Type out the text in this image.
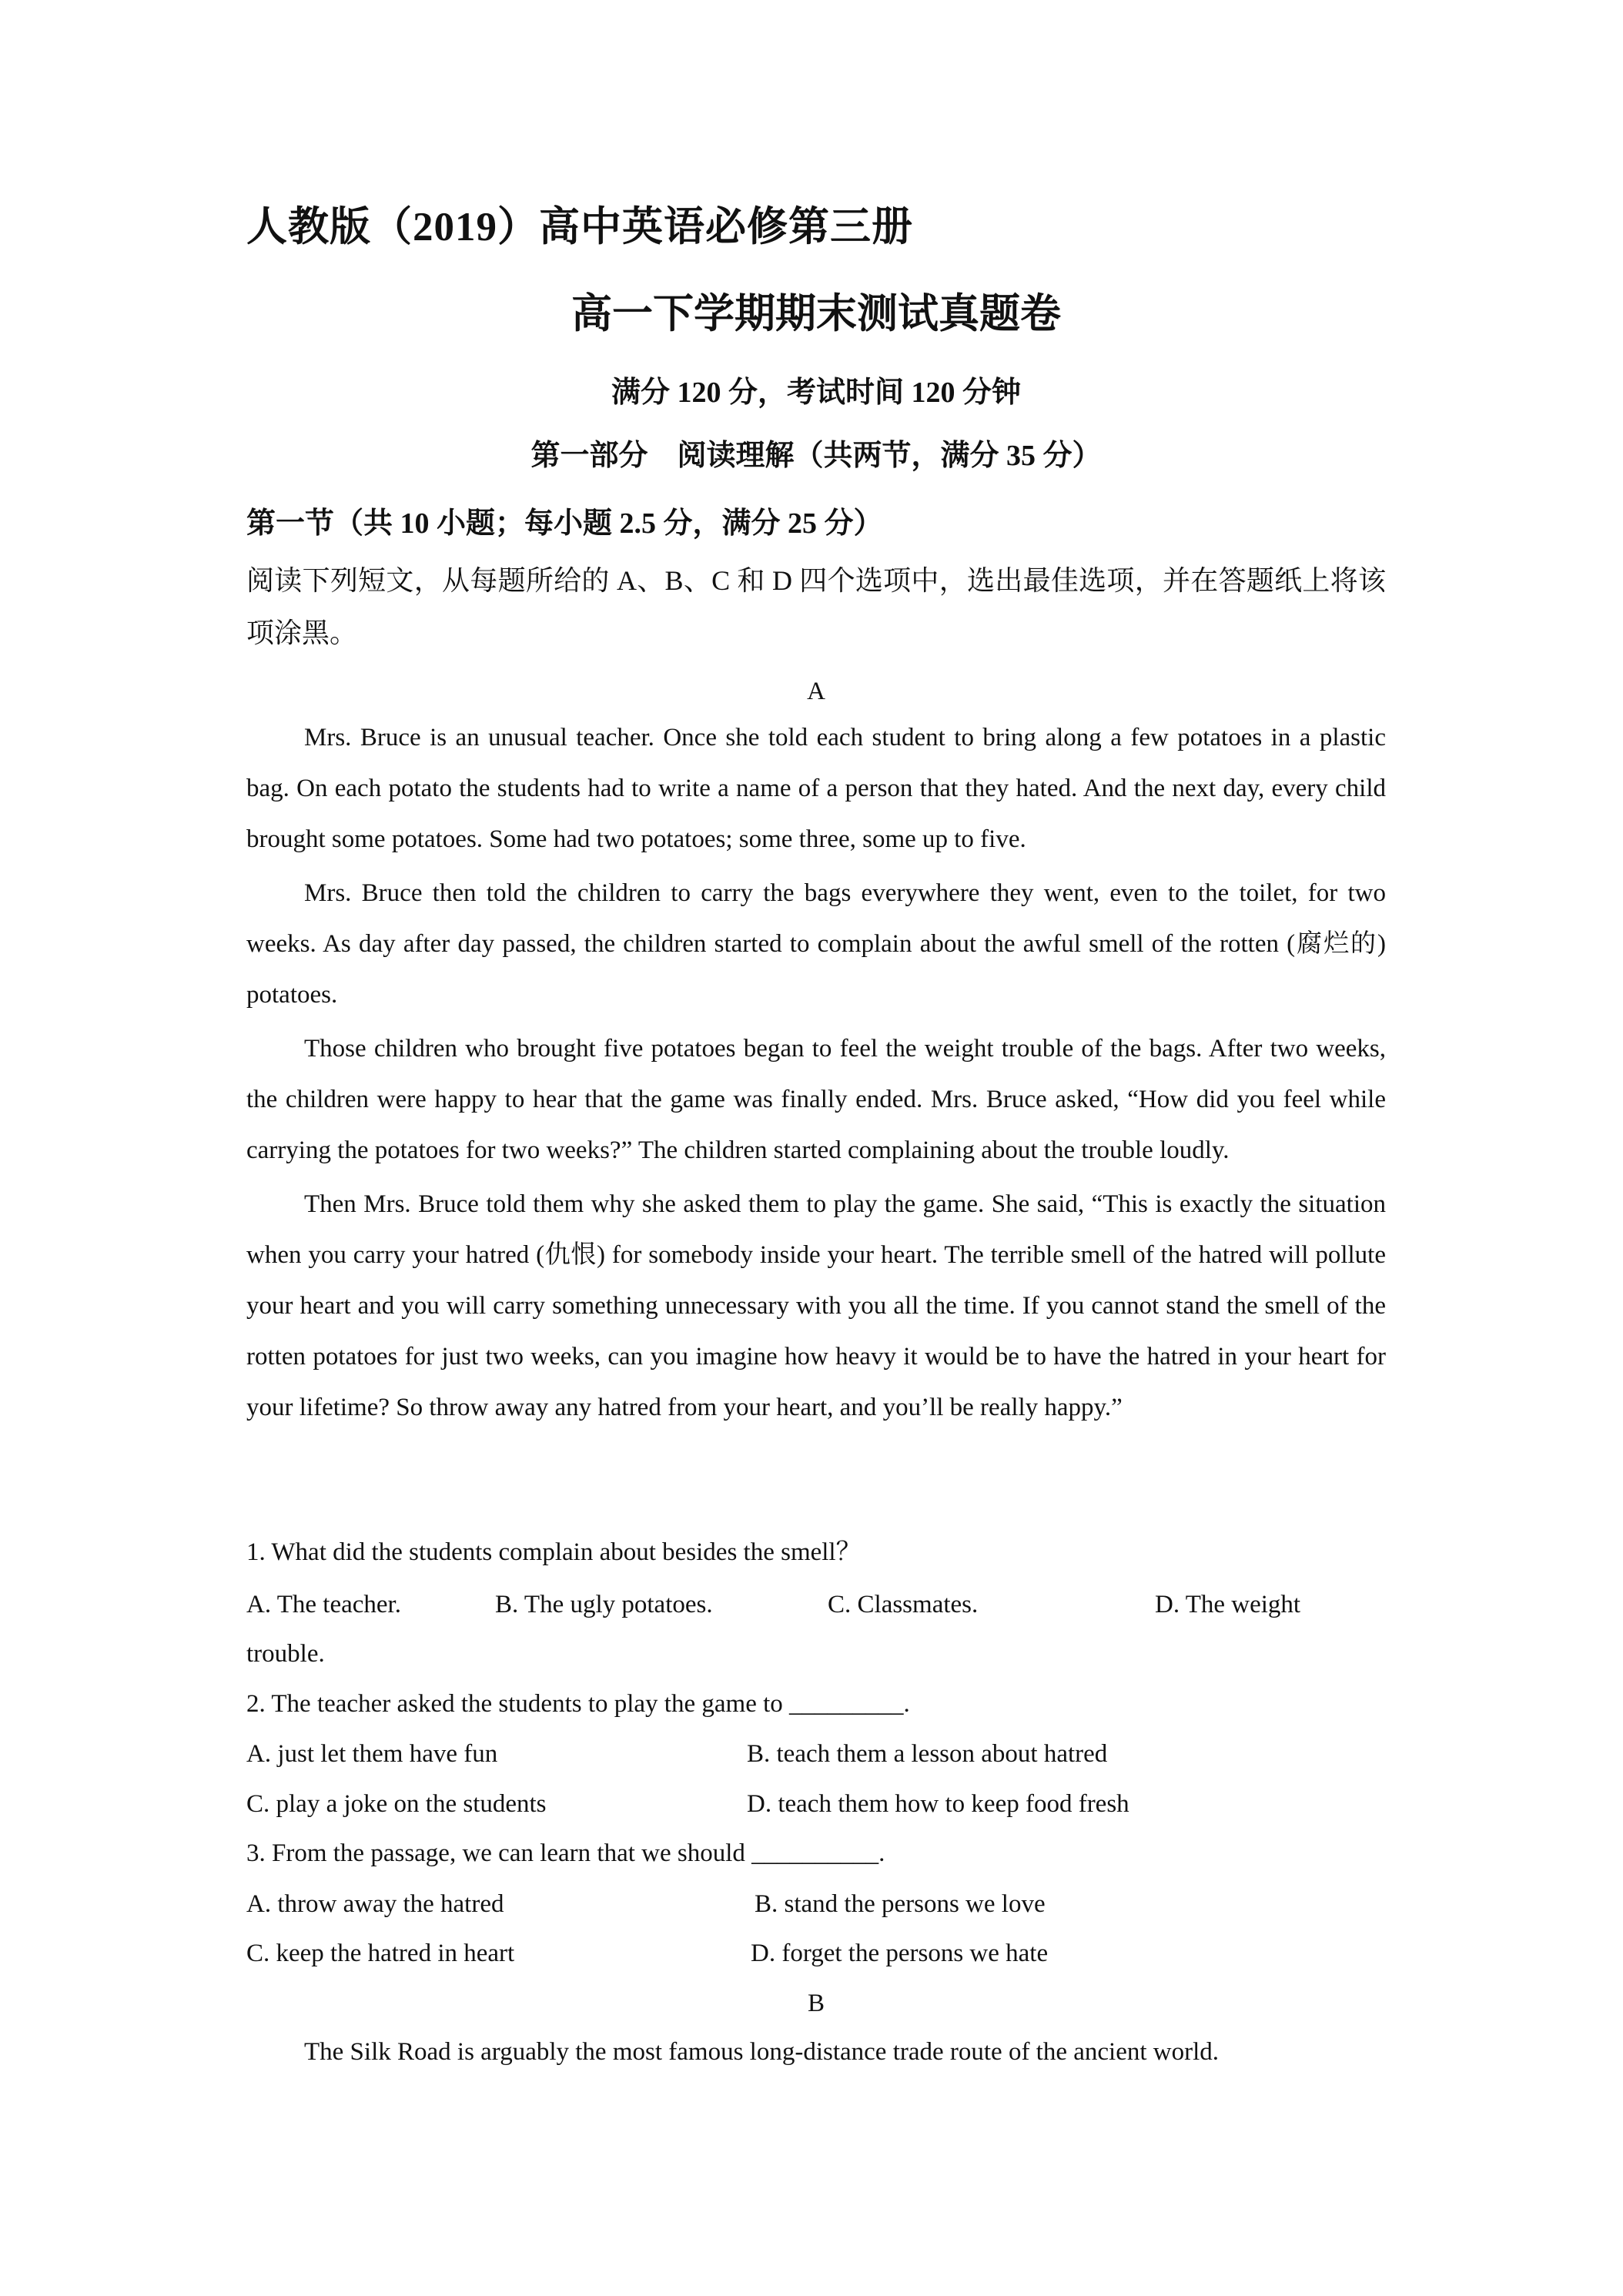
人教版（2019）高中英语必修第三册
高一下学期期末测试真题卷
满分 120 分，考试时间 120 分钟
第一部分　阅读理解（共两节，满分 35 分）
第一节（共 10 小题；每小题 2.5 分，满分 25 分）
阅读下列短文，从每题所给的 A、B、C 和 D 四个选项中，选出最佳选项，并在答题纸上将该项涂黑。
A

Mrs. Bruce is an unusual teacher. Once she told each student to bring along a few potatoes in a plastic bag. On each potato the students had to write a name of a person that they hated. And the next day, every child brought some potatoes. Some had two potatoes; some three, some up to five.

Mrs. Bruce then told the children to carry the bags everywhere they went, even to the toilet, for two weeks. As day after day passed, the children started to complain about the awful smell of the rotten (腐烂的) potatoes.

Those children who brought five potatoes began to feel the weight trouble of the bags. After two weeks, the children were happy to hear that the game was finally ended. Mrs. Bruce asked, “How did you feel while carrying the potatoes for two weeks?” The children started complaining about the trouble loudly.

Then Mrs. Bruce told them why she asked them to play the game. She said, “This is exactly the situation when you carry your hatred (仇恨) for somebody inside your heart. The terrible smell of the hatred will pollute your heart and you will carry something unnecessary with you all the time. If you cannot stand the smell of the rotten potatoes for just two weeks, can you imagine how heavy it would be to have the hatred in your heart for your lifetime? So throw away any hatred from your heart, and you’ll be really happy.”

1. What did the students complain about besides the smell？
A. The teacher.	B. The ugly potatoes.	C. Classmates.	D. The weight
trouble.
2. The teacher asked the students to play the game to _________.
A. just let them have fun	B. teach them a lesson about hatred
C. play a joke on the students	D. teach them how to keep food fresh
3. From the passage, we can learn that we should __________.
A. throw away the hatred	B. stand the persons we love
C. keep the hatred in heart	D. forget the persons we hate
B

The Silk Road is arguably the most famous long-distance trade route of the ancient world.
